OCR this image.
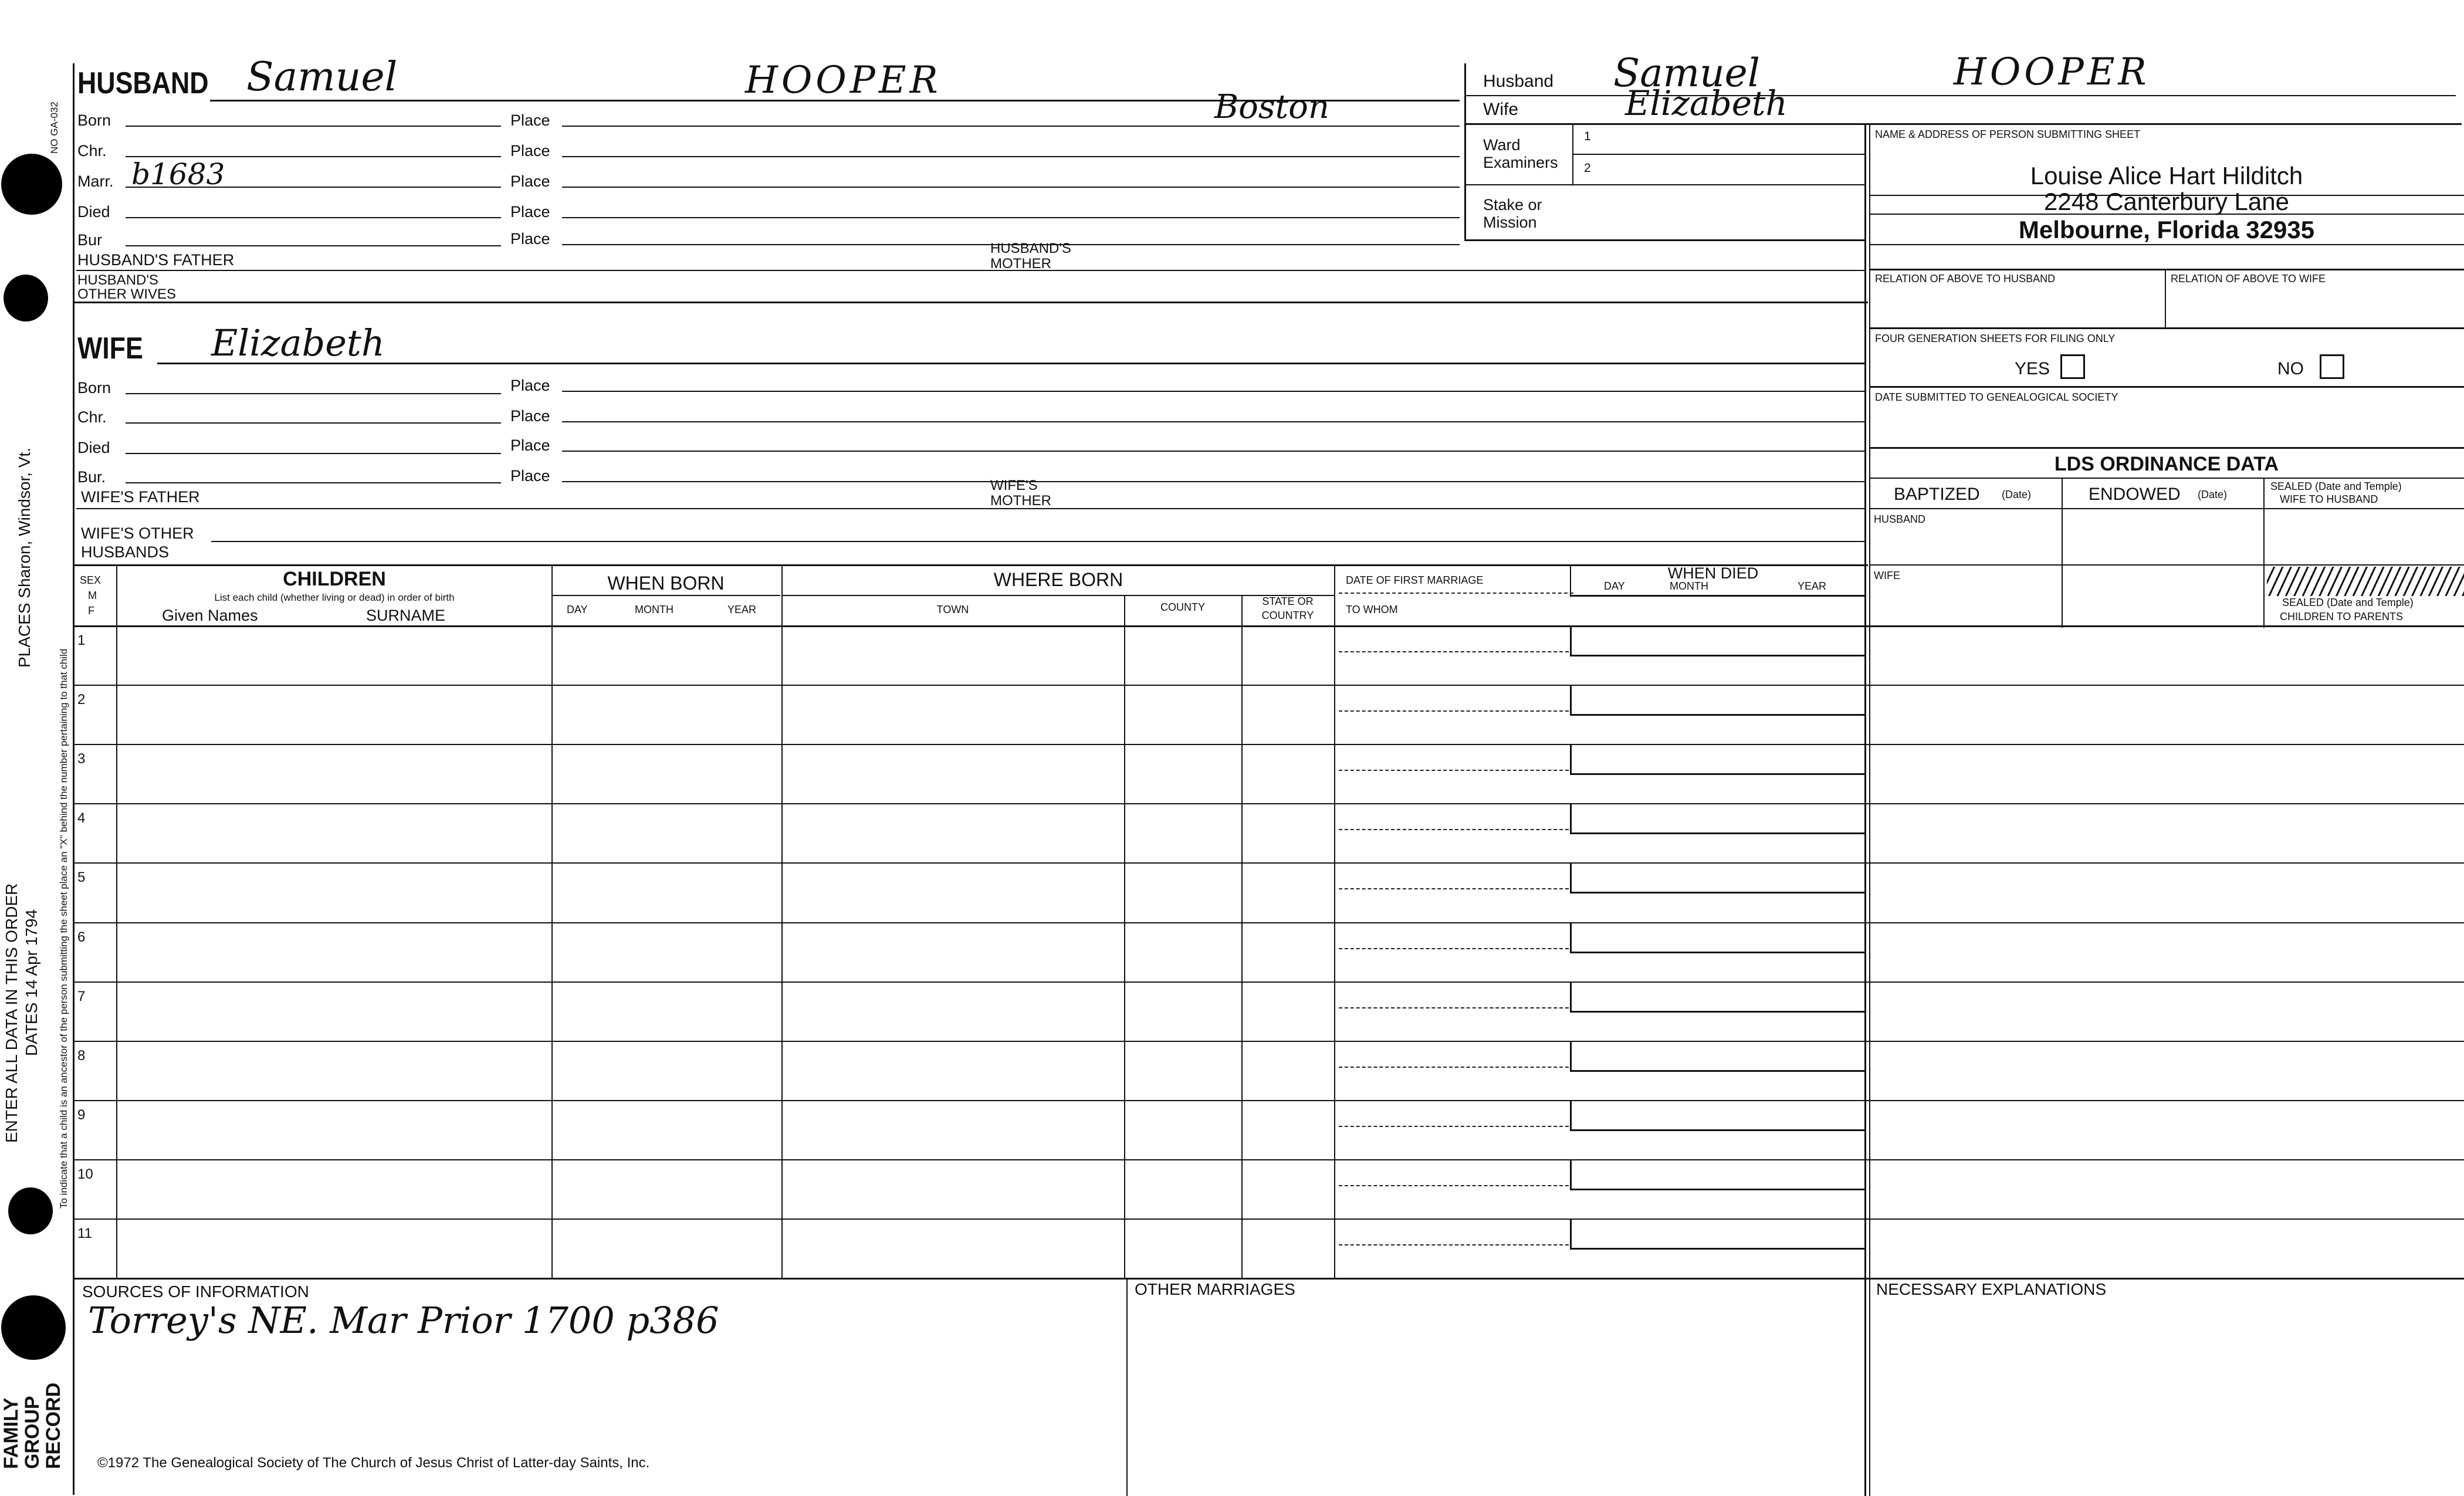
NO GA-032
To indicate that a child is an ancestor of the person submitting the sheet place an "X" behind the number pertaining to that child
PLACES Sharon, Windsor, Vt.
ENTER ALL DATA IN THIS ORDER DATES 14 Apr 1794
FAMILY
GROUP
RECORD
HUSBAND Samuel	HOOPER
Boston
Born	Place
Chr.	Place
Marr. b1683	Place
Died	Place
Bur	Place
HUSBAND'S FATHER
HUSBAND'S
MOTHER
HUSBAND'S
OTHER WIVES
WIFE Elizabeth
Born	Place
Chr.	Place
Died	Place
Bur.	Place
WIFE'S FATHER
WIFE'S
MOTHER
WIFE'S OTHER
HUSBANDS
Husband Samuel	HOOPER
Wife	Elizabeth
Ward
Examiners
1
2
Stake or
Mission
NAME & ADDRESS OF PERSON SUBMITTING SHEET
Louise Alice Hart Hilditch
2248 Canterbury Lane
Melbourne, Florida 32935
RELATION OF ABOVE TO HUSBAND	RELATION OF ABOVE TO WIFE
FOUR GENERATION SHEETS FOR FILING ONLY
YES	NO
DATE SUBMITTED TO GENEALOGICAL SOCIETY
LDS ORDINANCE DATA
BAPTIZED (Date)	ENDOWED (Date)
SEALED (Date and Temple)
WIFE TO HUSBAND
HUSBAND
WIFE
SEALED (Date and Temple)
CHILDREN TO PARENTS
SEX
M
F
CHILDREN
List each child (whether living or dead) in order of birth
Given Names	SURNAME
WHEN BORN
DAY	MONTH	YEAR
WHERE BORN
TOWN	COUNTY	STATE OR
COUNTRY
DATE OF FIRST MARRIAGE
TO WHOM
WHEN DIED
DAY	MONTH	YEAR
1
2
3
4
5
6
7
8
9
10
11
SOURCES OF INFORMATION
Torrey's NE. Mar Prior 1700 p386
OTHER MARRIAGES	NECESSARY EXPLANATIONS
©1972 The Genealogical Society of The Church of Jesus Christ of Latter-day Saints, Inc.
